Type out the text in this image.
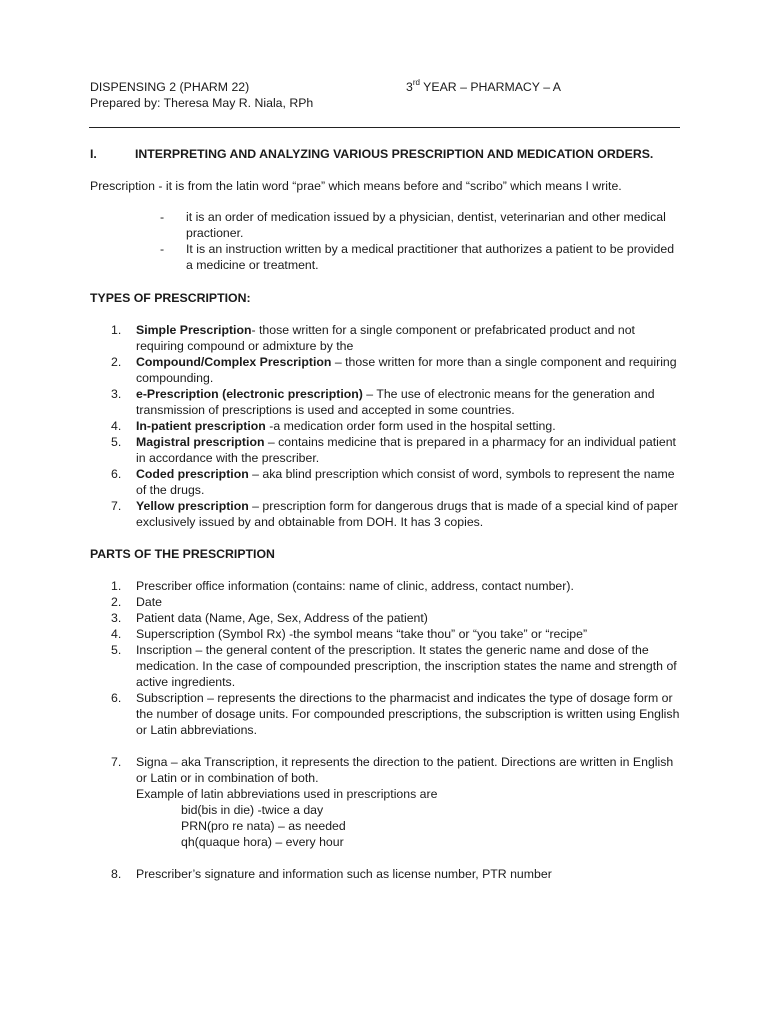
DISPENSING 2 (PHARM 22)	3rd YEAR – PHARMACY – A
Prepared by: Theresa May R. Niala, RPh
I.	INTERPRETING AND ANALYZING VARIOUS PRESCRIPTION AND MEDICATION ORDERS.
Prescription - it is from the latin word “prae” which means before and “scribo” which means I write.
-	it is an order of medication issued by a physician, dentist, veterinarian and other medical practioner.
-	It is an instruction written by a medical practitioner that authorizes a patient to be provided a medicine or treatment.
TYPES OF PRESCRIPTION:
1.	Simple Prescription- those written for a single component or prefabricated product and not requiring compound or admixture by the
2.	Compound/Complex Prescription – those written for more than a single component and requiring compounding.
3.	e-Prescription (electronic prescription) – The use of electronic means for the generation and transmission of prescriptions is used and accepted in some countries.
4.	In-patient prescription -a medication order form used in the hospital setting.
5.	Magistral prescription – contains medicine that is prepared in a pharmacy for an individual patient in accordance with the prescriber.
6.	Coded prescription – aka blind prescription which consist of word, symbols to represent the name of the drugs.
7.	Yellow prescription – prescription form for dangerous drugs that is made of a special kind of paper exclusively issued by and obtainable from DOH. It has 3 copies.
PARTS OF THE PRESCRIPTION
1.	Prescriber office information (contains: name of clinic, address, contact number).
2.	Date
3.	Patient data (Name, Age, Sex, Address of the patient)
4.	Superscription (Symbol Rx) -the symbol means “take thou” or “you take” or “recipe”
5.	Inscription – the general content of the prescription. It states the generic name and dose of the medication. In the case of compounded prescription, the inscription states the name and strength of active ingredients.
6.	Subscription – represents the directions to the pharmacist and indicates the type of dosage form or the number of dosage units. For compounded prescriptions, the subscription is written using English or Latin abbreviations.
7.	Signa – aka Transcription, it represents the direction to the patient. Directions are written in English or Latin or in combination of both.
Example of latin abbreviations used in prescriptions are
bid(bis in die) -twice a day
PRN(pro re nata) – as needed
qh(quaque hora) – every hour
8.	Prescriber’s signature and information such as license number, PTR number
